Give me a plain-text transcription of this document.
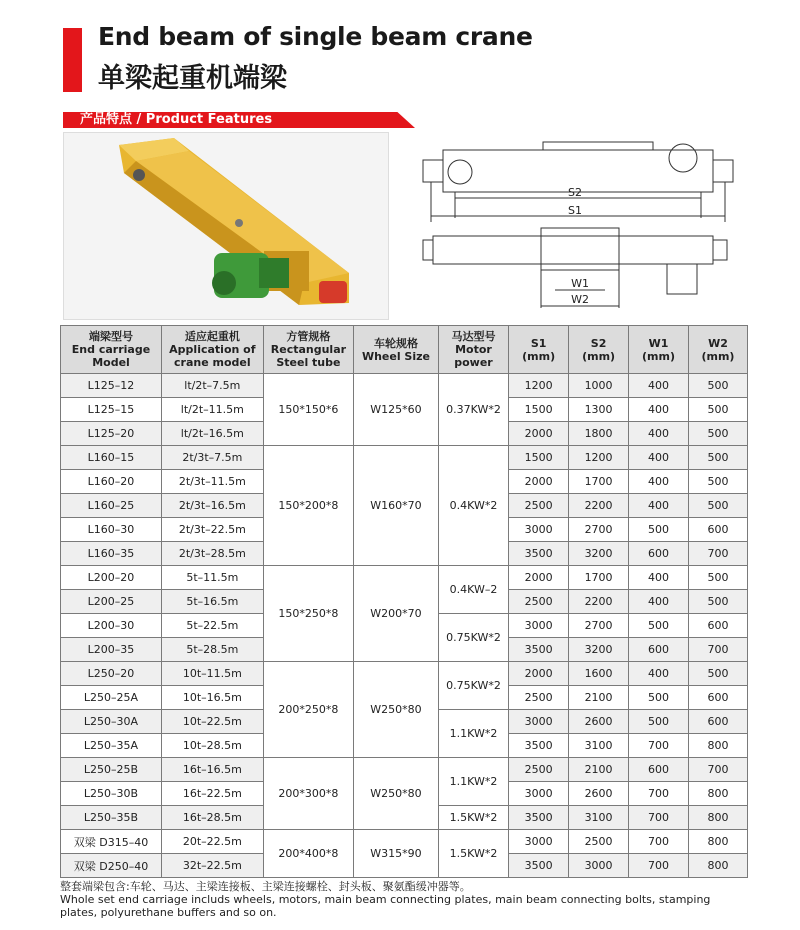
End beam of single beam crane
单梁起重机端梁
产品特点 / Product Features
S2
S1
W1
W2
端梁型号
End carriage
Model	适应起重机
Application of
crane model	方管规格
Rectangular
Steel tube	车轮规格
Wheel Size	马达型号
Motor power	S1
(mm)	S2
(mm)	W1
(mm)	W2
(mm)
L125–12	lt/2t–7.5m	150*150*6	W125*60	0.37KW*2	1200	1000	400	500
L125–15	lt/2t–11.5m				1500	1300	400	500
L125–20	lt/2t–16.5m				2000	1800	400	500
L160–15	2t/3t–7.5m	150*200*8	W160*70	0.4KW*2	1500	1200	400	500
L160–20	2t/3t–11.5m				2000	1700	400	500
L160–25	2t/3t–16.5m				2500	2200	400	500
L160–30	2t/3t–22.5m				3000	2700	500	600
L160–35	2t/3t–28.5m				3500	3200	600	700
L200–20	5t–11.5m	150*250*8	W200*70	0.4KW–2	2000	1700	400	500
L200–25	5t–16.5m				2500	2200	400	500
L200–30	5t–22.5m			0.75KW*2	3000	2700	500	600
L200–35	5t–28.5m				3500	3200	600	700
L250–20	10t–11.5m	200*250*8	W250*80	0.75KW*2	2000	1600	400	500
L250–25A	10t–16.5m				2500	2100	500	600
L250–30A	10t–22.5m			1.1KW*2	3000	2600	500	600
L250–35A	10t–28.5m				3500	3100	700	800
L250–25B	16t–16.5m	200*300*8	W250*80	1.1KW*2	2500	2100	600	700
L250–30B	16t–22.5m				3000	2600	700	800
L250–35B	16t–28.5m			1.5KW*2	3500	3100	700	800
双梁 D315–40	20t–22.5m	200*400*8	W315*90	1.5KW*2	3000	2500	700	800
双梁 D250–40	32t–22.5m				3500	3000	700	800
整套端梁包含:车轮、马达、主梁连接板、主梁连接螺栓、封头板、聚氨酯缓冲器等。
Whole set end carriage includs wheels, motors, main beam connecting plates, main beam connecting bolts, stamping plates, polyurethane buffers and so on.
